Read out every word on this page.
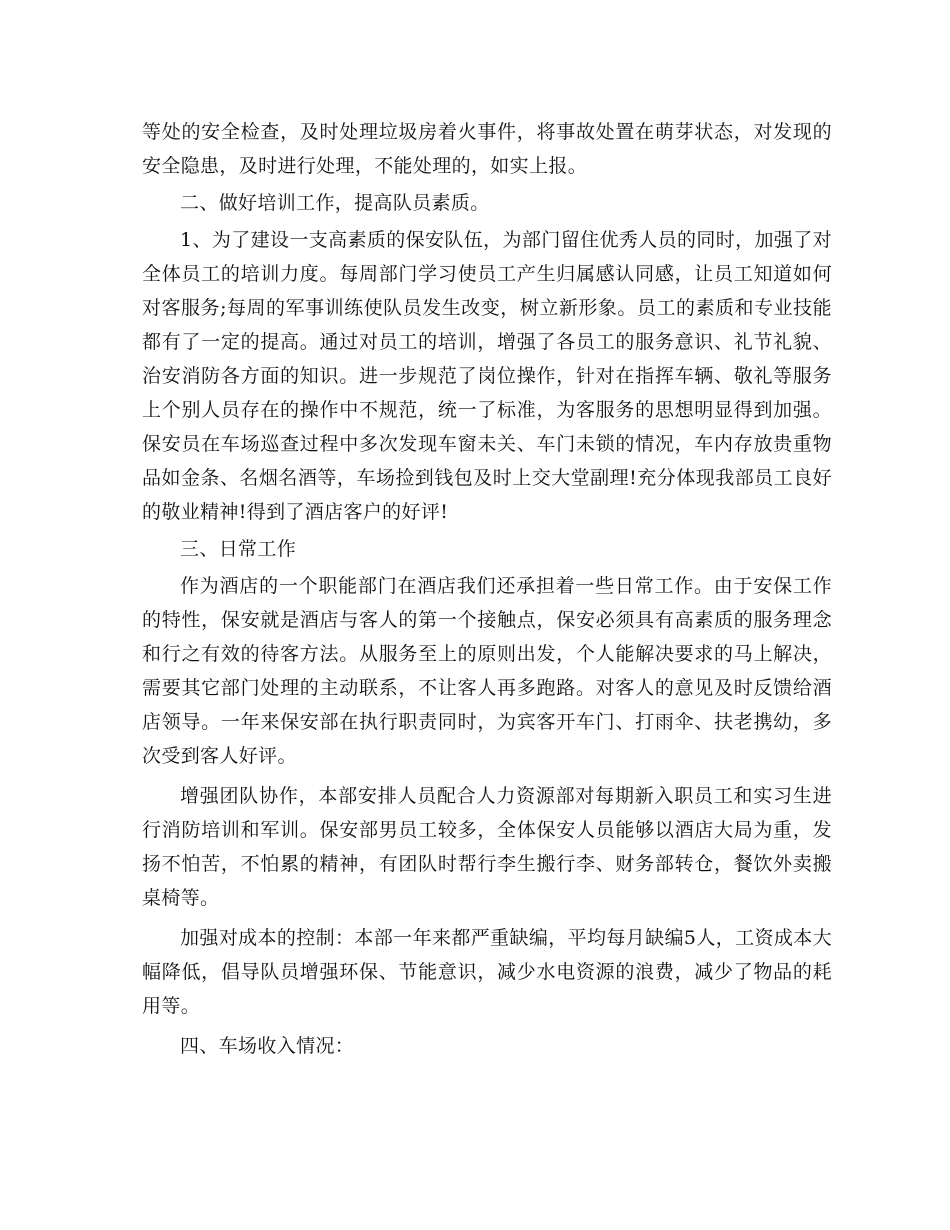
等处的安全检查，及时处理垃圾房着火事件，将事故处置在萌芽状态，对发现的安全隐患，及时进行处理，不能处理的，如实上报。

二、做好培训工作，提高队员素质。

1、为了建设一支高素质的保安队伍，为部门留住优秀人员的同时，加强了对全体员工的培训力度。每周部门学习使员工产生归属感认同感，让员工知道如何对客服务;每周的军事训练使队员发生改变，树立新形象。员工的素质和专业技能都有了一定的提高。通过对员工的培训，增强了各员工的服务意识、礼节礼貌、治安消防各方面的知识。进一步规范了岗位操作，针对在指挥车辆、敬礼等服务上个别人员存在的操作中不规范，统一了标准，为客服务的思想明显得到加强。保安员在车场巡查过程中多次发现车窗未关、车门未锁的情况，车内存放贵重物品如金条、名烟名酒等，车场捡到钱包及时上交大堂副理!充分体现我部员工良好的敬业精神!得到了酒店客户的好评!

三、日常工作

作为酒店的一个职能部门在酒店我们还承担着一些日常工作。由于安保工作的特性，保安就是酒店与客人的第一个接触点，保安必须具有高素质的服务理念和行之有效的待客方法。从服务至上的原则出发，个人能解决要求的马上解决，需要其它部门处理的主动联系，不让客人再多跑路。对客人的意见及时反馈给酒店领导。一年来保安部在执行职责同时，为宾客开车门、打雨伞、扶老携幼，多次受到客人好评。

增强团队协作，本部安排人员配合人力资源部对每期新入职员工和实习生进行消防培训和军训。保安部男员工较多，全体保安人员能够以酒店大局为重，发扬不怕苦，不怕累的精神，有团队时帮行李生搬行李、财务部转仓，餐饮外卖搬桌椅等。

加强对成本的控制：本部一年来都严重缺编，平均每月缺编5人，工资成本大幅降低，倡导队员增强环保、节能意识，减少水电资源的浪费，减少了物品的耗用等。

四、车场收入情况：
